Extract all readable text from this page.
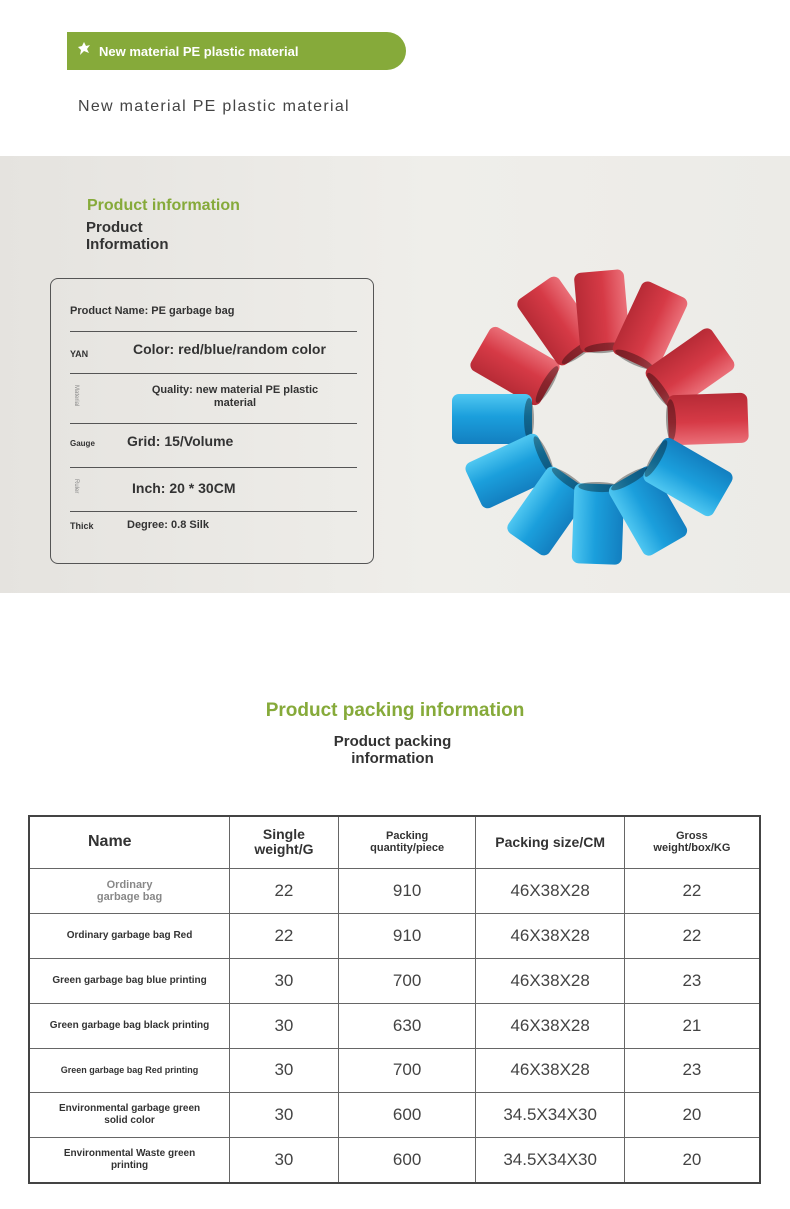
New material PE plastic material
New material PE plastic material
Product information
Product Information
Product Name: PE garbage bag
YAN	Color: red/blue/random color
Material	Quality: new material PE plastic material
Gauge Grid: 15/Volume
Ruler	Inch: 20 * 30CM
Thick	Degree: 0.8 Silk
Product packing information
Product packing information
Name	Single weight/G	Packing quantity/piece	Packing size/CM	Gross weight/box/KG
Ordinary garbage bag	22	910	46X38X28	22
Ordinary garbage bag Red	22	910	46X38X28	22
Green garbage bag blue printing	30	700	46X38X28	23
Green garbage bag black printing	30	630	46X38X28	21
Green garbage bag Red printing	30	700	46X38X28	23
Environmental garbage green solid color	30	600	34.5X34X30	20
Environmental Waste green printing	30	600	34.5X34X30	20
